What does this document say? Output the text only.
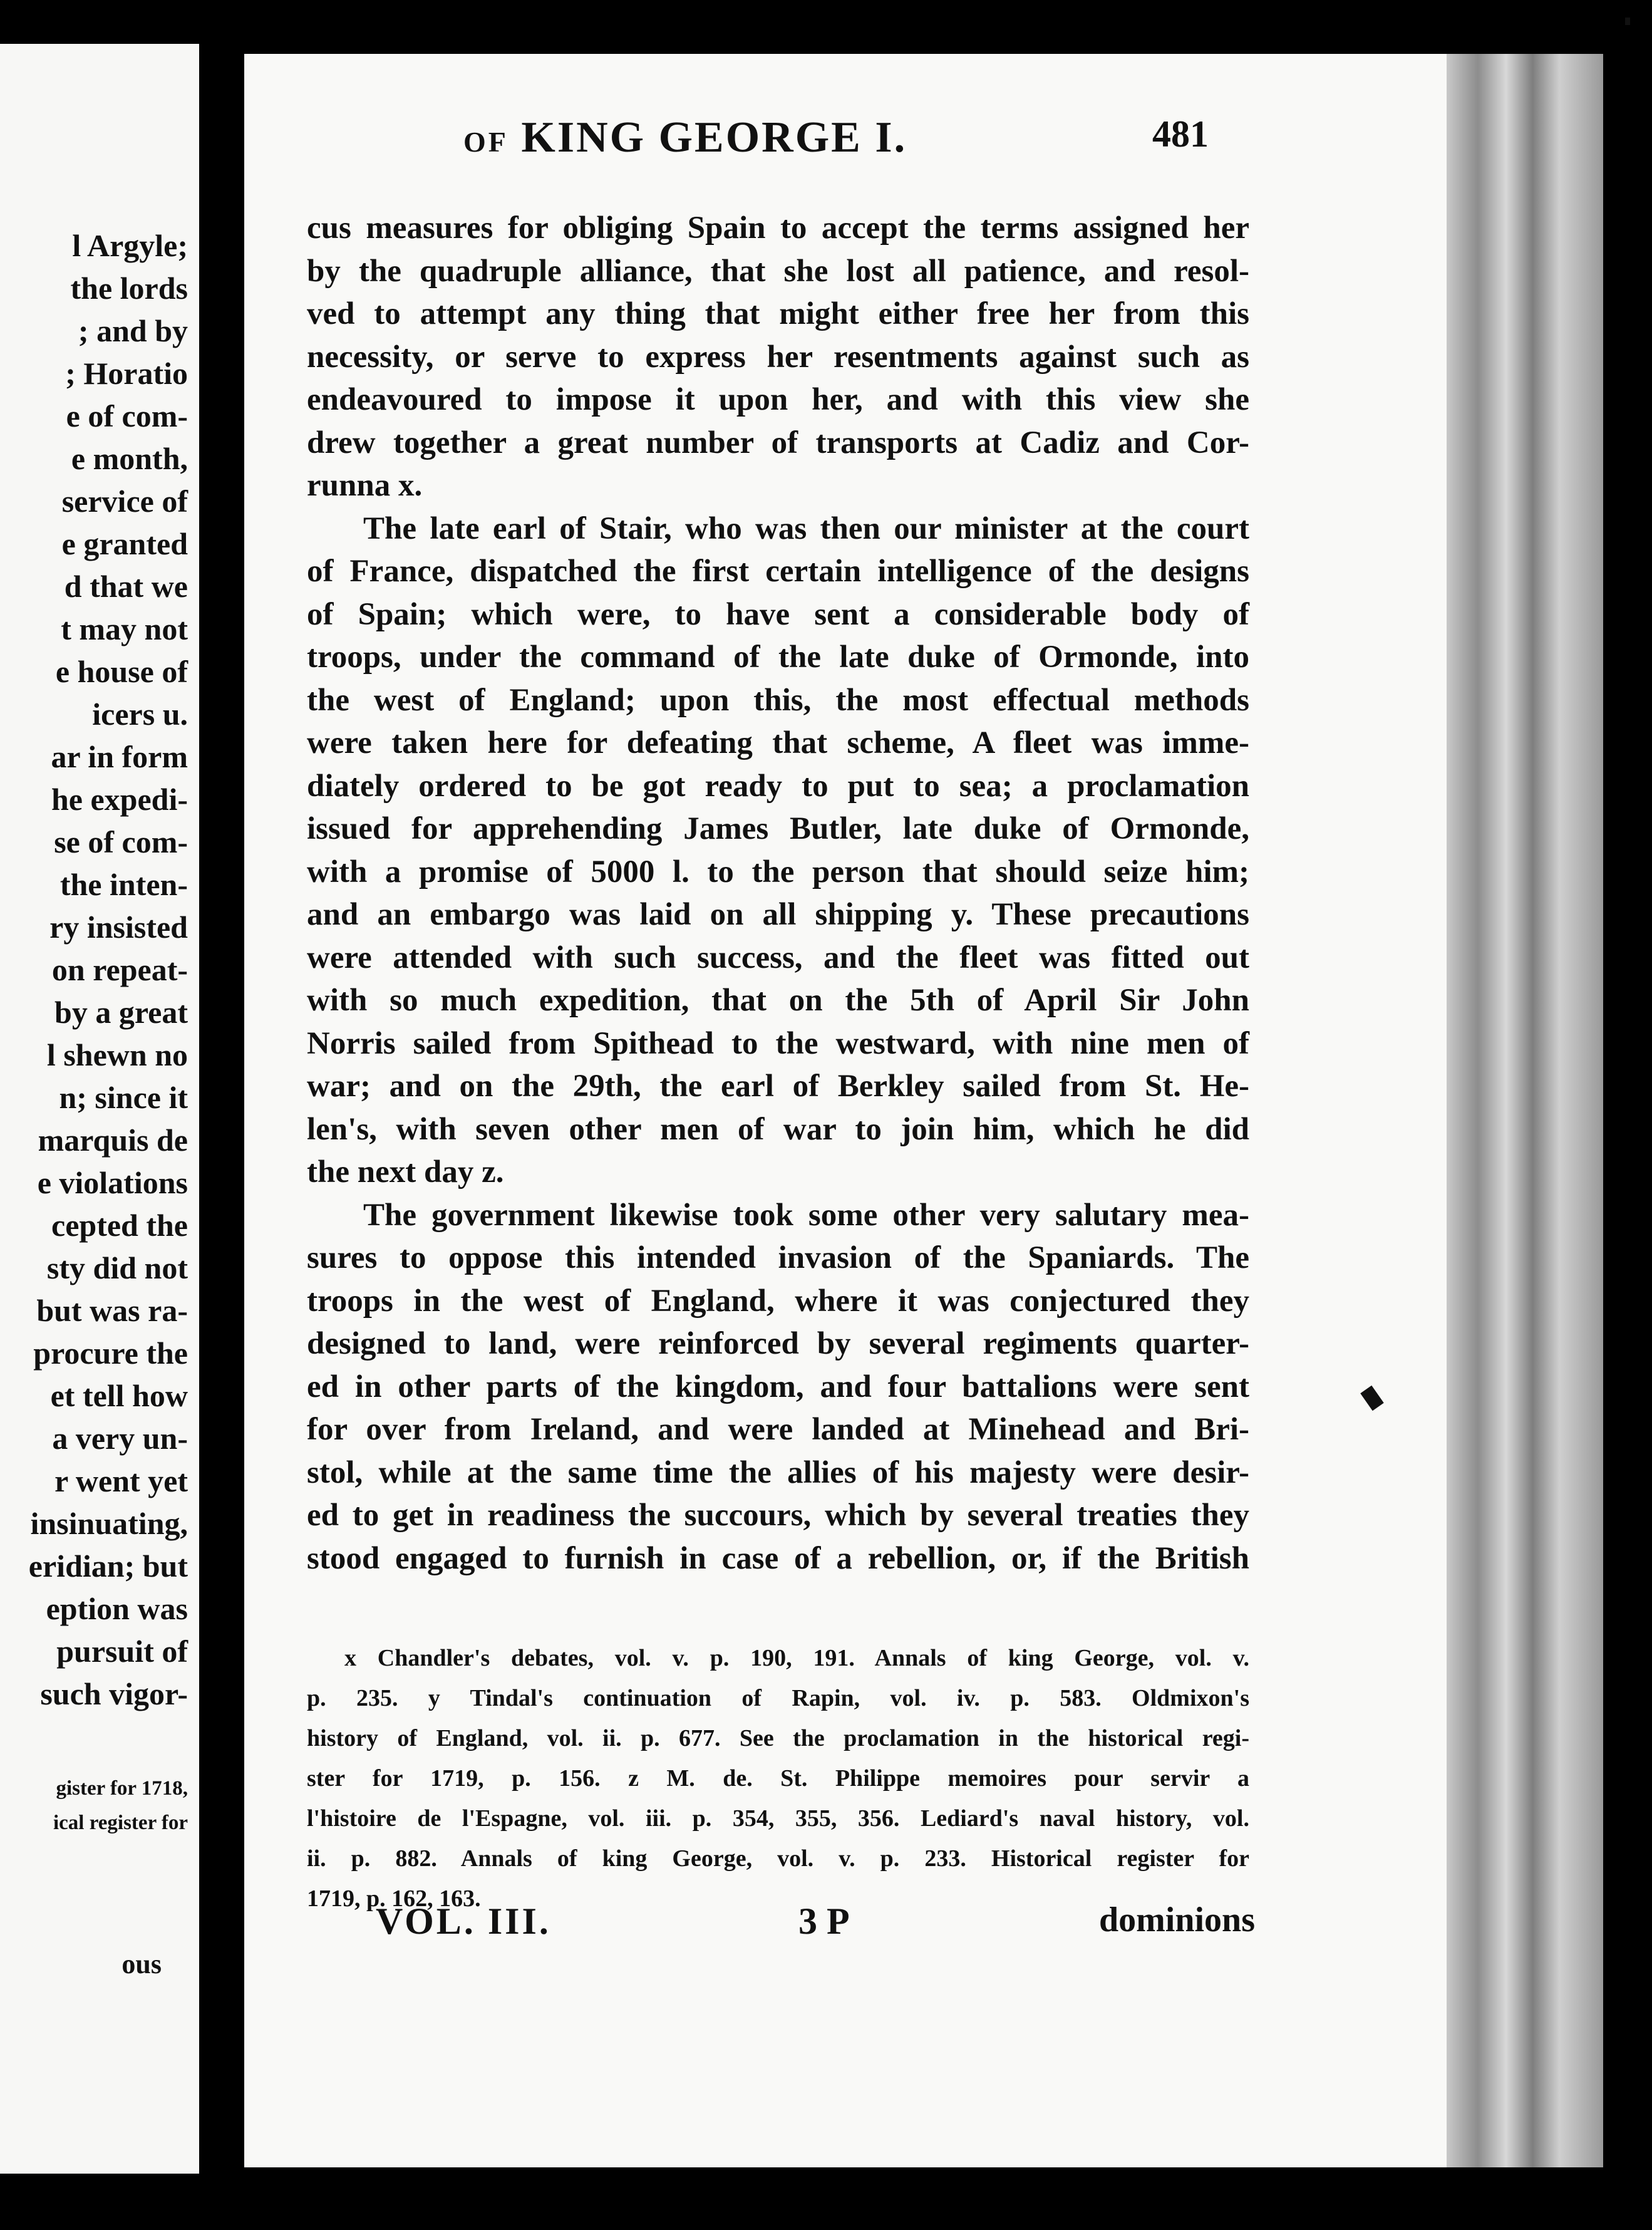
l Argyle;
the lords
; and by
; Horatio
e of com-
e month,
service of
e granted
d that we
t may not
e house of
icers u.
ar in form
he expedi-
se of com-
the inten-
ry insisted
on repeat-
by a great
l shewn no
n; since it
marquis de
e violations
cepted the
sty did not
but was ra-
procure the
et tell how
a very un-
r went yet
insinuating,
eridian; but
eption was
pursuit of
such vigor-
gister for 1718,
ical register for
ous
OF KING GEORGE I.	481
cus measures for obliging Spain to accept the terms assigned her
by the quadruple alliance, that she lost all patience, and resol-
ved to attempt any thing that might either free her from this
necessity, or serve to express her resentments against such as
endeavoured to impose it upon her, and with this view she
drew together a great number of transports at Cadiz and Cor-
runna x.
The late earl of Stair, who was then our minister at the court
of France, dispatched the first certain intelligence of the designs
of Spain; which were, to have sent a considerable body of
troops, under the command of the late duke of Ormonde, into
the west of England; upon this, the most effectual methods
were taken here for defeating that scheme, A fleet was imme-
diately ordered to be got ready to put to sea; a proclamation
issued for apprehending James Butler, late duke of Ormonde,
with a promise of 5000 l. to the person that should seize him;
and an embargo was laid on all shipping y. These precautions
were attended with such success, and the fleet was fitted out
with so much expedition, that on the 5th of April Sir John
Norris sailed from Spithead to the westward, with nine men of
war; and on the 29th, the earl of Berkley sailed from St. He-
len's, with seven other men of war to join him, which he did
the next day z.
The government likewise took some other very salutary mea-
sures to oppose this intended invasion of the Spaniards. The
troops in the west of England, where it was conjectured they
designed to land, were reinforced by several regiments quarter-
ed in other parts of the kingdom, and four battalions were sent
for over from Ireland, and were landed at Minehead and Bri-
stol, while at the same time the allies of his majesty were desir-
ed to get in readiness the succours, which by several treaties they
stood engaged to furnish in case of a rebellion, or, if the British
x Chandler's debates, vol. v. p. 190, 191. Annals of king George, vol. v.
p. 235. y Tindal's continuation of Rapin, vol. iv. p. 583. Oldmixon's
history of England, vol. ii. p. 677. See the proclamation in the historical regi-
ster for 1719, p. 156. z M. de. St. Philippe memoires pour servir a
l'histoire de l'Espagne, vol. iii. p. 354, 355, 356. Lediard's naval history, vol.
ii. p. 882. Annals of king George, vol. v. p. 233. Historical register for
1719, p. 162, 163.
VOL. III.	3 P	dominions
